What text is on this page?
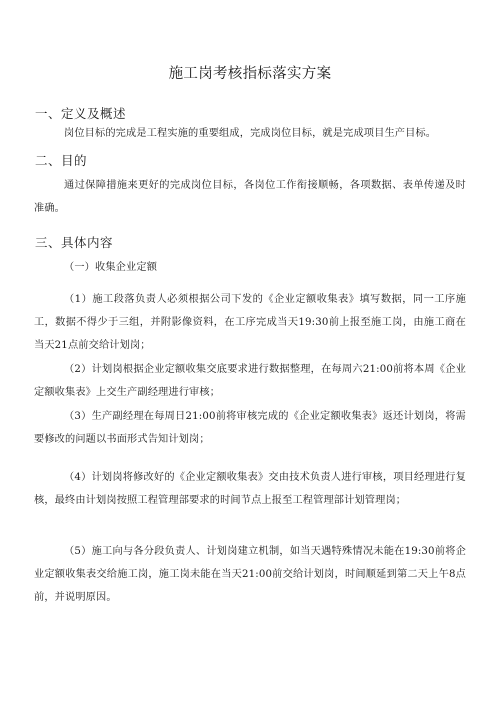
施工岗考核指标落实方案
一、定义及概述
岗位目标的完成是工程实施的重要组成，完成岗位目标，就是完成项目生产目标。
二、目的
通过保障措施来更好的完成岗位目标，各岗位工作衔接顺畅，各项数据、表单传递及时准确。
三、具体内容
（一）收集企业定额
（1）施工段落负责人必须根据公司下发的《企业定额收集表》填写数据，同一工序施工，数据不得少于三组，并附影像资料，在工序完成当天19:30前上报至施工岗，由施工商在当天21点前交给计划岗；
（2）计划岗根据企业定额收集交底要求进行数据整理，在每周六21:00前将本周《企业定额收集表》上交生产副经理进行审核；
（3）生产副经理在每周日21:00前将审核完成的《企业定额收集表》返还计划岗，将需要修改的问题以书面形式告知计划岗；
（4）计划岗将修改好的《企业定额收集表》交由技术负责人进行审核，项目经理进行复核，最终由计划岗按照工程管理部要求的时间节点上报至工程管理部计划管理岗；
（5）施工向与各分段负责人、计划岗建立机制，如当天遇特殊情况未能在19:30前将企业定额收集表交给施工岗，施工岗未能在当天21:00前交给计划岗，时间顺延到第二天上午8点前，并说明原因。
